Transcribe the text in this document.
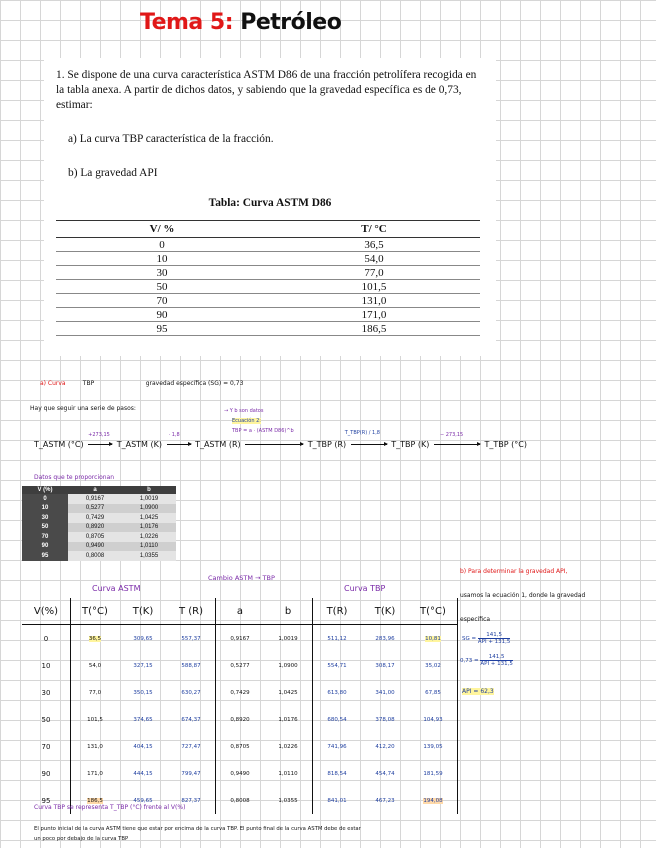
Tema 5: Petróleo
1. Se dispone de una curva característica ASTM D86 de una fracción petrolífera recogida en la tabla anexa. A partir de dichos datos, y sabiendo que la gravedad específica es de 0,73, estimar:
a) La curva TBP característica de la fracción.
b) La gravedad API
Tabla: Curva ASTM D86
V/ %	T/ °C
0	36,5
10	54,0
30	77,0
50	101,5
70	131,0
90	171,0
95	186,5
a) Curva	TBP	gravedad específica (SG) = 0,73
Hay que seguir una serie de pasos:	→ Y b son datos
Ecuación 2:
TBP = a · (ASTM D86)^b
T_ASTM (°C)
+273,15
T_ASTM (K)
· 1,8
T_ASTM (R)	T_TBP (R)
T_TBP(R) / 1,8
T_TBP (K)
− 273,15
T_TBP (°C)
Datos que te proporcionan
V (%)	a	b
0	0,9167	1,0019
10	0,5277	1,0900
30	0,7429	1,0425
50	0,8920	1,0176
70	0,8705	1,0226
90	0,9490	1,0110
95	0,8008	1,0355
Curva ASTM
Cambio ASTM → TBP
Curva TBP
V(%)	T(°C)	T(K)	T (R)	a	b	T(R)	T(K)	T(°C)
0	36,5	309,65	557,37	0,9167	1,0019	511,12	283,96	10,81
10	54,0	327,15	588,87	0,5277	1,0900	554,71	308,17	35,02
30	77,0	350,15	630,27	0,7429	1,0425	613,80	341,00	67,85
50	101,5	374,65	674,37	0,8920	1,0176	680,54	378,08	104,93
70	131,0	404,15	727,47	0,8705	1,0226	741,96	412,20	139,05
90	171,0	444,15	799,47	0,9490	1,0110	818,54	454,74	181,59
95	186,5	459,65	827,37	0,8008	1,0355	841,01	467,23	194,08
b) Para determinar la gravedad API,
usamos la ecuación 1, donde la gravedad
específica
SG =
141,5
API + 131,5
0,73 =
141,5
API + 131,5
API = 62,3
Curva TBP se representa T_TBP (°C) frente al V(%)
El punto inicial de la curva ASTM tiene que estar por encima de la curva TBP. El punto final de la curva ASTM debe de estar
un poco por debajo de la curva TBP
